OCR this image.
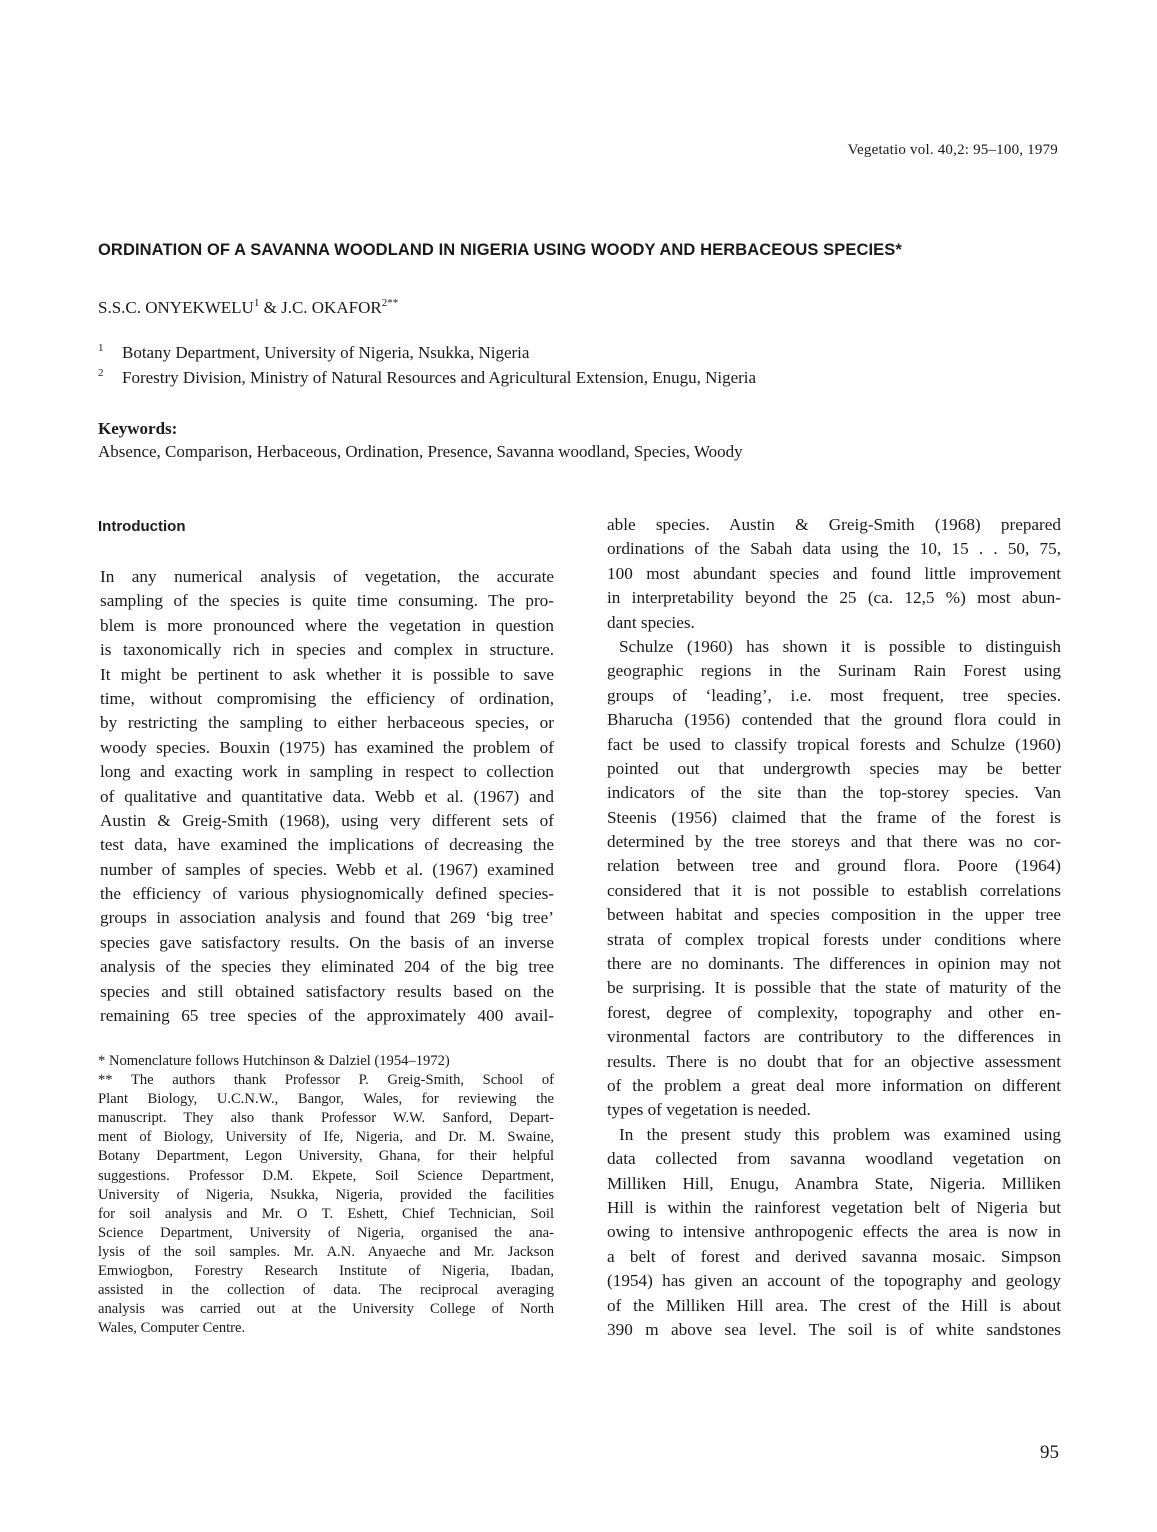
Vegetatio vol. 40,2: 95–100, 1979
ORDINATION OF A SAVANNA WOODLAND IN NIGERIA USING WOODY AND HERBACEOUS SPECIES*
S.S.C. ONYEKWELU$^1$ & J.C. $OKAFOR^{2**}$
1 Botany Department, University of Nigeria, Nsukka, Nigeria
2 Forestry Division, Ministry of Natural Resources and Agricultural Extension, Enugu, Nigeria
Keywords:
Absence, Comparison, Herbaceous, Ordination, Presence, Savanna woodland, Species, Woody
Introduction
In any numerical analysis of vegetation, the accurate
sampling of the species is quite time consuming. The pro-
blem is more pronounced where the vegetation in question
is taxonomically rich in species and complex in structure.
It might be pertinent to ask whether it is possible to save
time, without compromising the efficiency of ordination,
by restricting the sampling to either herbaceous species, or
woody species. Bouxin (1975) has examined the problem of
long and exacting work in sampling in respect to collection
of qualitative and quantitative data. Webb et al. (1967) and
Austin & Greig-Smith (1968), using very different sets of
test data, have examined the implications of decreasing the
number of samples of species. Webb et al. (1967) examined
the efficiency of various physiognomically defined species-
groups in association analysis and found that 269 ‘big tree’
species gave satisfactory results. On the basis of an inverse
analysis of the species they eliminated 204 of the big tree
species and still obtained satisfactory results based on the
remaining 65 tree species of the approximately 400 avail-
able species. Austin & Greig-Smith (1968) prepared
ordinations of the Sabah data using the 10, 15 . . 50, 75,
100 most abundant species and found little improvement
in interpretability beyond the 25 (ca. 12,5 %) most abun-
dant species.
Schulze (1960) has shown it is possible to distinguish
geographic regions in the Surinam Rain Forest using
groups of ‘leading’, i.e. most frequent, tree species.
Bharucha (1956) contended that the ground flora could in
fact be used to classify tropical forests and Schulze (1960)
pointed out that undergrowth species may be better
indicators of the site than the top-storey species. Van
Steenis (1956) claimed that the frame of the forest is
determined by the tree storeys and that there was no cor-
relation between tree and ground flora. Poore (1964)
considered that it is not possible to establish correlations
between habitat and species composition in the upper tree
strata of complex tropical forests under conditions where
there are no dominants. The differences in opinion may not
be surprising. It is possible that the state of maturity of the
forest, degree of complexity, topography and other en-
vironmental factors are contributory to the differences in
results. There is no doubt that for an objective assessment
of the problem a great deal more information on different
types of vegetation is needed.
In the present study this problem was examined using
data collected from savanna woodland vegetation on
Milliken Hill, Enugu, Anambra State, Nigeria. Milliken
Hill is within the rainforest vegetation belt of Nigeria but
owing to intensive anthropogenic effects the area is now in
a belt of forest and derived savanna mosaic. Simpson
(1954) has given an account of the topography and geology
of the Milliken Hill area. The crest of the Hill is about
390 m above sea level. The soil is of white sandstones
* Nomenclature follows Hutchinson & Dalziel (1954–1972)
** The authors thank Professor P. Greig-Smith, School of
Plant Biology, U.C.N.W., Bangor, Wales, for reviewing the
manuscript. They also thank Professor W.W. Sanford, Depart-
ment of Biology, University of Ife, Nigeria, and Dr. M. Swaine,
Botany Department, Legon University, Ghana, for their helpful
suggestions. Professor D.M. Ekpete, Soil Science Department,
University of Nigeria, Nsukka, Nigeria, provided the facilities
for soil analysis and Mr. O T. Eshett, Chief Technician, Soil
Science Department, University of Nigeria, organised the ana-
lysis of the soil samples. Mr. A.N. Anyaeche and Mr. Jackson
Emwiogbon, Forestry Research Institute of Nigeria, Ibadan,
assisted in the collection of data. The reciprocal averaging
analysis was carried out at the University College of North
Wales, Computer Centre.
95
